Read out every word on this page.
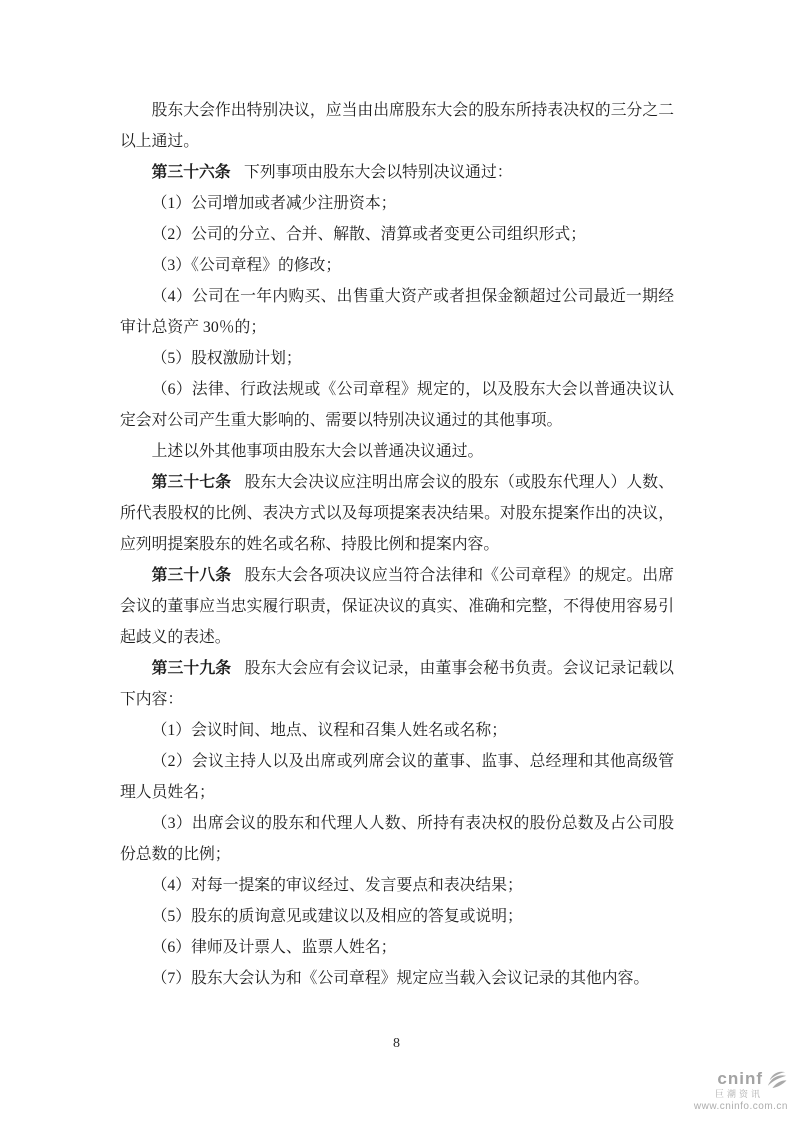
股东大会作出特别决议，应当由出席股东大会的股东所持表决权的三分之二以上通过。

第三十六条 下列事项由股东大会以特别决议通过：

（1）公司增加或者减少注册资本；

（2）公司的分立、合并、解散、清算或者变更公司组织形式；

（3）《公司章程》的修改；

（4）公司在一年内购买、出售重大资产或者担保金额超过公司最近一期经审计总资产 30％的；

（5）股权激励计划；

（6）法律、行政法规或《公司章程》规定的，以及股东大会以普通决议认定会对公司产生重大影响的、需要以特别决议通过的其他事项。

上述以外其他事项由股东大会以普通决议通过。

第三十七条 股东大会决议应注明出席会议的股东（或股东代理人）人数、所代表股权的比例、表决方式以及每项提案表决结果。对股东提案作出的决议，应列明提案股东的姓名或名称、持股比例和提案内容。

第三十八条 股东大会各项决议应当符合法律和《公司章程》的规定。出席会议的董事应当忠实履行职责，保证决议的真实、准确和完整，不得使用容易引起歧义的表述。

第三十九条 股东大会应有会议记录，由董事会秘书负责。会议记录记载以下内容：

（1）会议时间、地点、议程和召集人姓名或名称；

（2）会议主持人以及出席或列席会议的董事、监事、总经理和其他高级管理人员姓名；

（3）出席会议的股东和代理人人数、所持有表决权的股份总数及占公司股份总数的比例；

（4）对每一提案的审议经过、发言要点和表决结果；

（5）股东的质询意见或建议以及相应的答复或说明；

（6）律师及计票人、监票人姓名；

（7）股东大会认为和《公司章程》规定应当载入会议记录的其他内容。

8
cninf
巨潮资讯
www.cninfo.com.cn
